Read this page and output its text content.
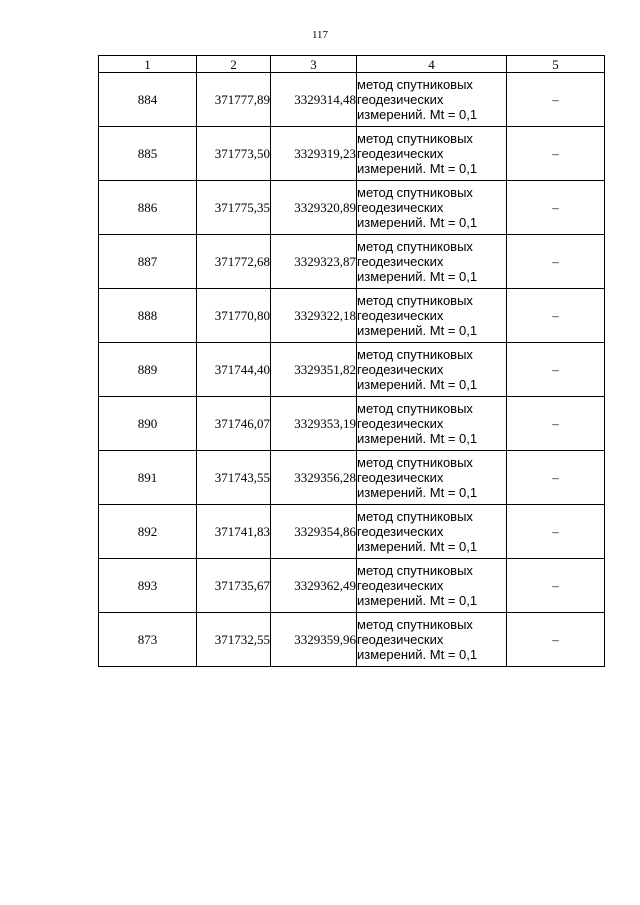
117
1	2	3	4	5
884	371777,89	3329314,48	метод спутниковых
геодезических
измерений. Mt = 0,1	–
885	371773,50	3329319,23	метод спутниковых
геодезических
измерений. Mt = 0,1	–
886	371775,35	3329320,89	метод спутниковых
геодезических
измерений. Mt = 0,1	–
887	371772,68	3329323,87	метод спутниковых
геодезических
измерений. Mt = 0,1	–
888	371770,80	3329322,18	метод спутниковых
геодезических
измерений. Mt = 0,1	–
889	371744,40	3329351,82	метод спутниковых
геодезических
измерений. Mt = 0,1	–
890	371746,07	3329353,19	метод спутниковых
геодезических
измерений. Mt = 0,1	–
891	371743,55	3329356,28	метод спутниковых
геодезических
измерений. Mt = 0,1	–
892	371741,83	3329354,86	метод спутниковых
геодезических
измерений. Mt = 0,1	–
893	371735,67	3329362,49	метод спутниковых
геодезических
измерений. Mt = 0,1	–
873	371732,55	3329359,96	метод спутниковых
геодезических
измерений. Mt = 0,1	–
